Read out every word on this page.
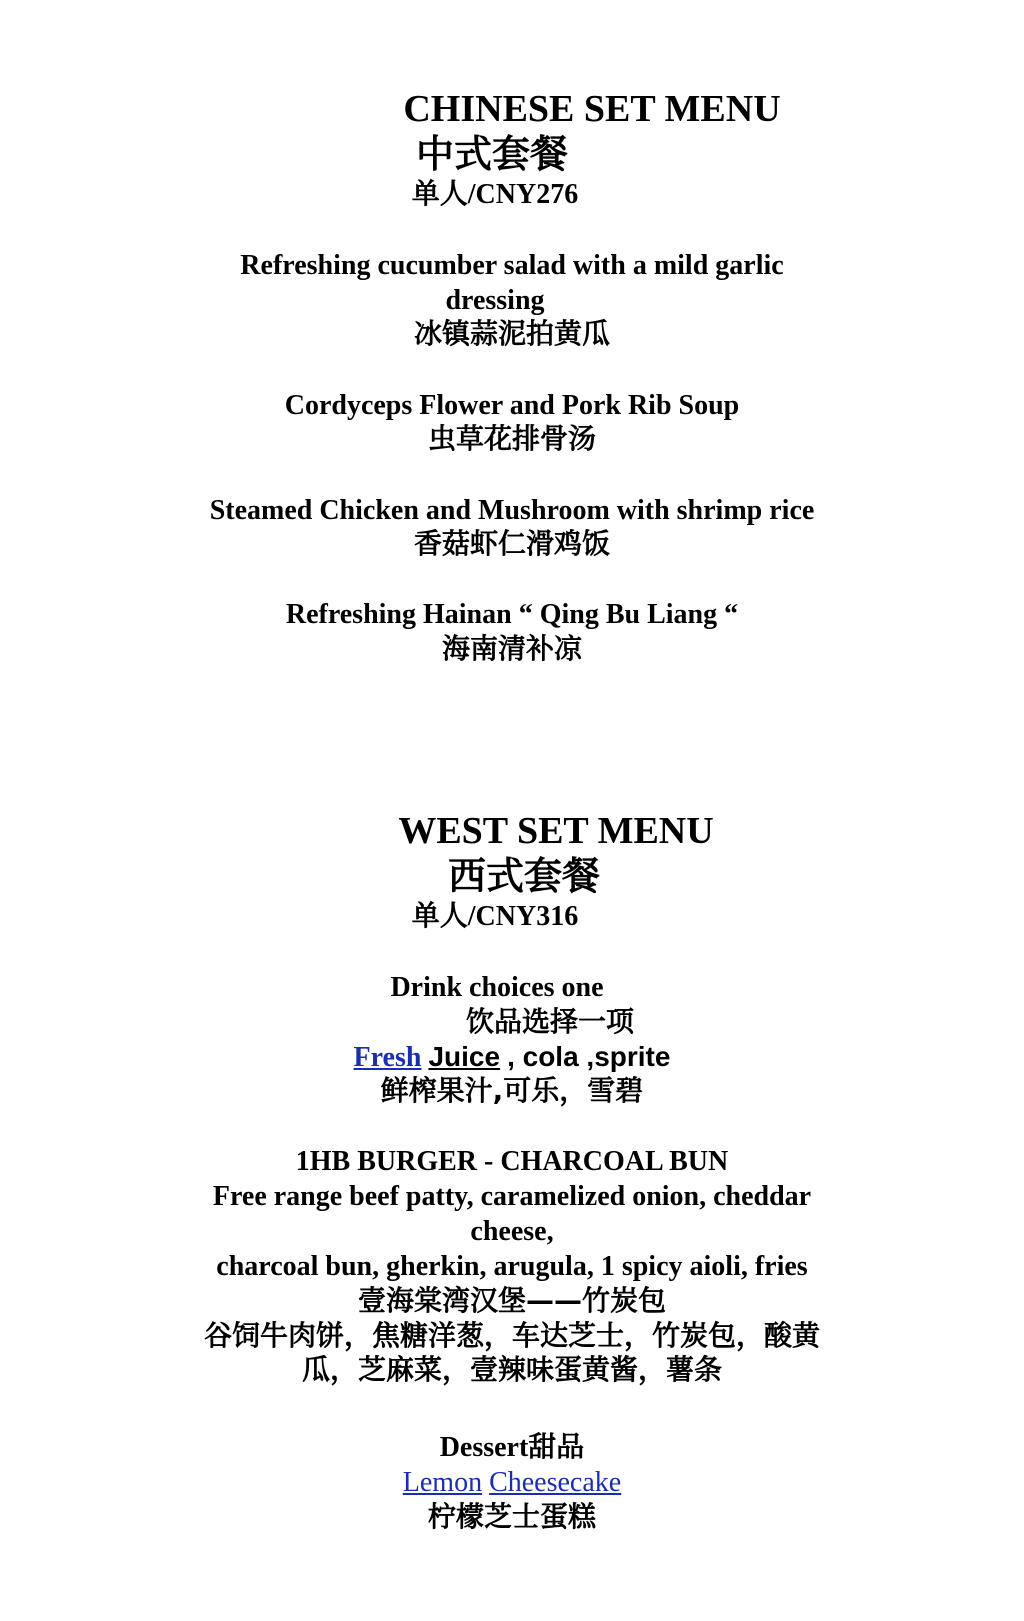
CHINESE SET MENU
中式套餐
单人/CNY276
Refreshing cucumber salad with a mild garlic
dressing
冰镇蒜泥拍黄瓜
Cordyceps Flower and Pork Rib Soup
虫草花排骨汤
Steamed Chicken and Mushroom with shrimp rice
香菇虾仁滑鸡饭
Refreshing Hainan “ Qing Bu Liang “
海南清补凉
WEST SET MENU
西式套餐
单人/CNY316
Drink choices one
饮品选择一项
Fresh Juice , cola ,sprite
鲜榨果汁,可乐，雪碧
1HB BURGER - CHARCOAL BUN
Free range beef patty, caramelized onion, cheddar
cheese,
charcoal bun, gherkin, arugula, 1 spicy aioli, fries
壹海棠湾汉堡——竹炭包
谷饲牛肉饼，焦糖洋葱，车达芝士，竹炭包，酸黄
瓜，芝麻菜，壹辣味蛋黄酱，薯条
Dessert甜品
Lemon Cheesecake
柠檬芝士蛋糕
